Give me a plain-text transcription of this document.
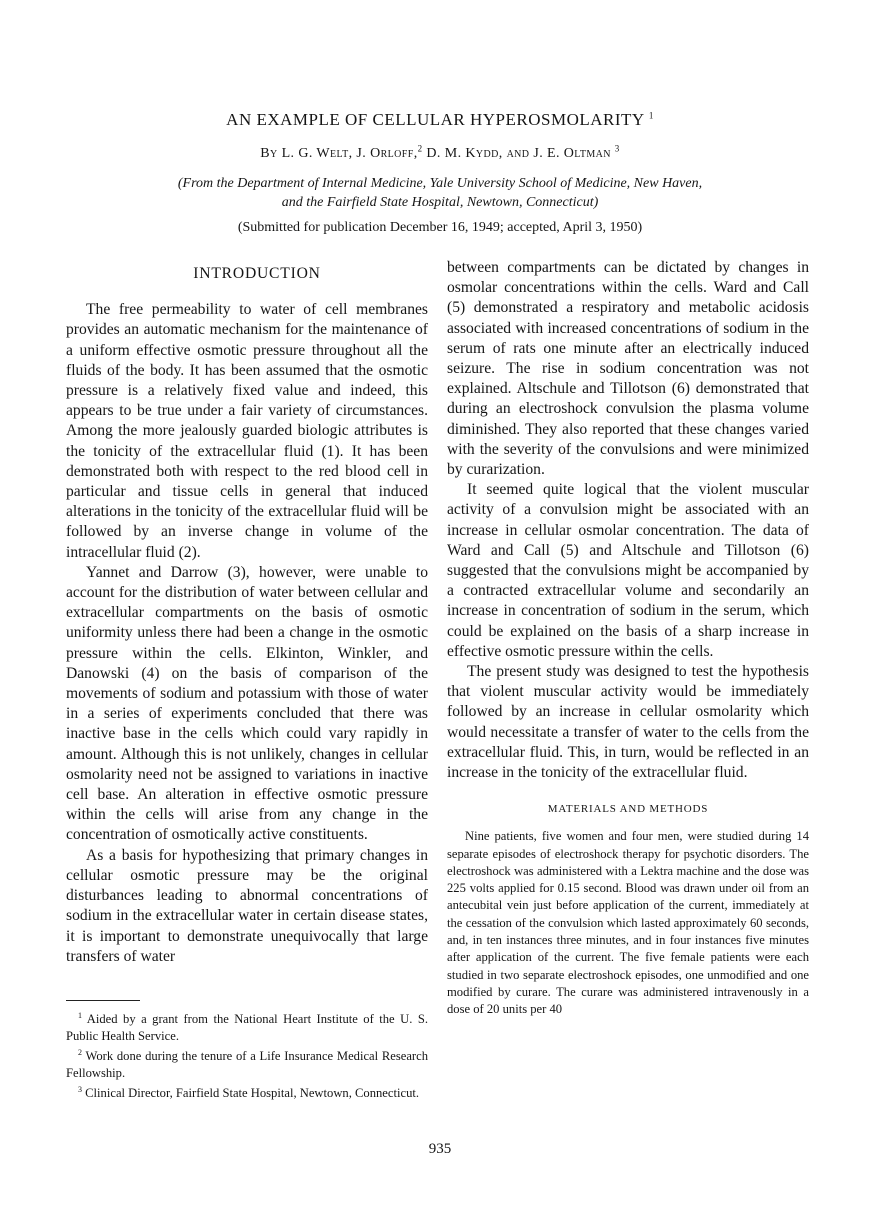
AN EXAMPLE OF CELLULAR HYPEROSMOLARITY $^1$
By L. G. Welt, J. Orloff,$^2$ D. M. Kydd, and J. E. Oltman $^3$
(From the Department of Internal Medicine, Yale University School of Medicine, New Haven,
and the Fairfield State Hospital, Newtown, Connecticut)
(Submitted for publication December 16, 1949; accepted, April 3, 1950)

INTRODUCTION

The free permeability to water of cell membranes provides an automatic mechanism for the maintenance of a uniform effective osmotic pressure throughout all the fluids of the body. It has been assumed that the osmotic pressure is a relatively fixed value and indeed, this appears to be true under a fair variety of circumstances. Among the more jealously guarded biologic attributes is the tonicity of the extracellular fluid (1). It has been demonstrated both with respect to the red blood cell in particular and tissue cells in general that induced alterations in the tonicity of the extracellular fluid will be followed by an inverse change in volume of the intracellular fluid (2).

Yannet and Darrow (3), however, were unable to account for the distribution of water between cellular and extracellular compartments on the basis of osmotic uniformity unless there had been a change in the osmotic pressure within the cells. Elkinton, Winkler, and Danowski (4) on the basis of comparison of the movements of sodium and potassium with those of water in a series of experiments concluded that there was inactive base in the cells which could vary rapidly in amount. Although this is not unlikely, changes in cellular osmolarity need not be assigned to variations in inactive cell base. An alteration in effective osmotic pressure within the cells will arise from any change in the concentration of osmotically active constituents.

As a basis for hypothesizing that primary changes in cellular osmotic pressure may be the original disturbances leading to abnormal concentrations of sodium in the extracellular water in certain disease states, it is important to demonstrate unequivocally that large transfers of water

$^1$ Aided by a grant from the National Heart Institute of the U. S. Public Health Service.

$^2$ Work done during the tenure of a Life Insurance Medical Research Fellowship.

$^3$ Clinical Director, Fairfield State Hospital, Newtown, Connecticut.

between compartments can be dictated by changes in osmolar concentrations within the cells. Ward and Call (5) demonstrated a respiratory and metabolic acidosis associated with increased concentrations of sodium in the serum of rats one minute after an electrically induced seizure. The rise in sodium concentration was not explained. Altschule and Tillotson (6) demonstrated that during an electroshock convulsion the plasma volume diminished. They also reported that these changes varied with the severity of the convulsions and were minimized by curarization.

It seemed quite logical that the violent muscular activity of a convulsion might be associated with an increase in cellular osmolar concentration. The data of Ward and Call (5) and Altschule and Tillotson (6) suggested that the convulsions might be accompanied by a contracted extracellular volume and secondarily an increase in concentration of sodium in the serum, which could be explained on the basis of a sharp increase in effective osmotic pressure within the cells.

The present study was designed to test the hypothesis that violent muscular activity would be immediately followed by an increase in cellular osmolarity which would necessitate a transfer of water to the cells from the extracellular fluid. This, in turn, would be reflected in an increase in the tonicity of the extracellular fluid.

MATERIALS AND METHODS

Nine patients, five women and four men, were studied during 14 separate episodes of electroshock therapy for psychotic disorders. The electroshock was administered with a Lektra machine and the dose was 225 volts applied for 0.15 second. Blood was drawn under oil from an antecubital vein just before application of the current, immediately at the cessation of the convulsion which lasted approximately 60 seconds, and, in ten instances three minutes, and in four instances five minutes after application of the current. The five female patients were each studied in two separate electroshock episodes, one unmodified and one modified by curare. The curare was administered intravenously in a dose of 20 units per 40

935
